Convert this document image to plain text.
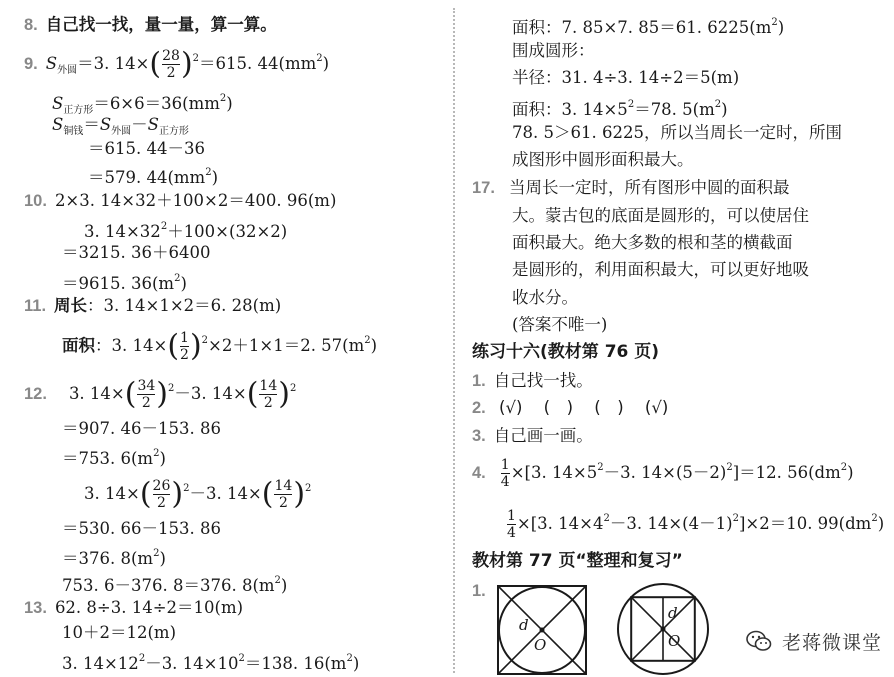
8. 自己找一找，量一量，算一算。
9. $S_{外圆}=3$. $14\times( \frac{28}{2} )^2=615$. $44(mm^2)$
$S_{正方形}=6\times 6=36(mm^2)$
$S_{铜钱}=S_{外圆}-S_{正方形}$
＝615. 44－36
＝579. $44(mm^2)$
10. 2×3. 14×32＋100×2＝400. 96(m)
3. $14\times 32^2+100\times(32\times 2)$
＝3215. 36＋6400
＝9615. $36(m^2)$
11. 周长：3. 14×1×2＝6. 28(m)
面积：3. $14\times( \frac{1}{2} )^2\times 2+1\times 1=2$. $57(m^2)$
12. 3. $14\times( \frac{34}{2} )^2-3$. $14\times( \frac{14}{2} )^2$
＝907. 46－153. 86
＝753. $6(m^2)$
3. $14\times( \frac{26}{2} )^2-3$. $14\times( \frac{14}{2} )^2$
＝530. 66－153. 86
＝376. $8(m^2)$
753. 6－376. 8＝376. $8(m^2)$
13. 62. 8÷3. 14÷2＝10(m)
10＋2＝12(m)
3. $14\times 12^2-3$. $14\times 10^2=138$. $16(m^2)$
面积：7. 85×7. 85＝61. $6225(m^2)$
围成圆形：
半径：31. 4÷3. 14÷2＝5(m)
面积：3. $14\times 5^2=78$. $5(m^2)$
78. 5＞61. 6225，所以当周长一定时，所围
成图形中圆形面积最大。
17. 当周长一定时，所有图形中圆的面积最
大。蒙古包的底面是圆形的，可以使居住
面积最大。绝大多数的根和茎的横截面
是圆形的，利用面积最大，可以更好地吸
收水分。
(答案不唯一)
练习十六(教材第 76 页)
1. 自己找一找。
2. (√) (　) (　) (√)
3. 自己画一画。
4. $\frac{1}{4} \times[3$. $14\times 5^2-3$. $14\times(5-2)^2]=12$. $56(dm^2)$
$\frac{1}{4} \times[3$. $14\times 4^2-3$. $14\times(4-1)^2]\times 2=10$. $99(dm^2)$
教材第 77 页“整理和复习”
1.
d
O
d
O	老蒋微课堂
